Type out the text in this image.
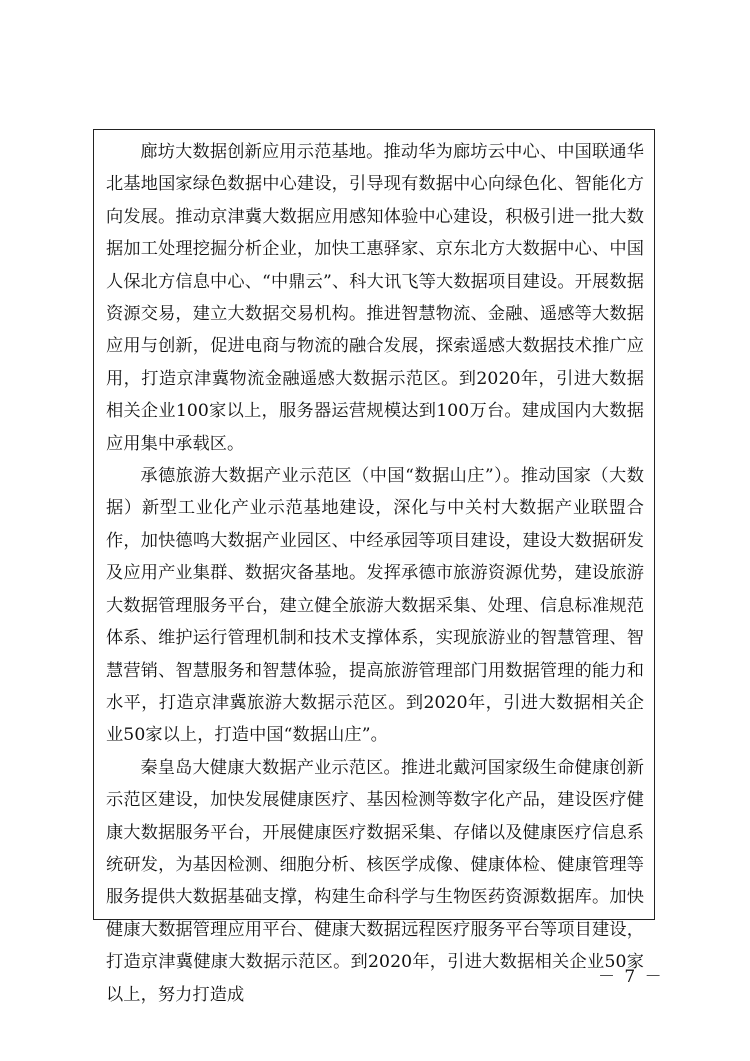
廊坊大数据创新应用示范基地。推动华为廊坊云中心、中国联通华北基地国家绿色数据中心建设，引导现有数据中心向绿色化、智能化方向发展。推动京津冀大数据应用感知体验中心建设，积极引进一批大数据加工处理挖掘分析企业，加快工惠驿家、京东北方大数据中心、中国人保北方信息中心、“中鼎云”、科大讯飞等大数据项目建设。开展数据资源交易，建立大数据交易机构。推进智慧物流、金融、遥感等大数据应用与创新，促进电商与物流的融合发展，探索遥感大数据技术推广应用，打造京津冀物流金融遥感大数据示范区。到2020年，引进大数据相关企业100家以上，服务器运营规模达到100万台。建成国内大数据应用集中承载区。

承德旅游大数据产业示范区（中国“数据山庄”）。推动国家（大数据）新型工业化产业示范基地建设，深化与中关村大数据产业联盟合作，加快德鸣大数据产业园区、中经承园等项目建设，建设大数据研发及应用产业集群、数据灾备基地。发挥承德市旅游资源优势，建设旅游大数据管理服务平台，建立健全旅游大数据采集、处理、信息标准规范体系、维护运行管理机制和技术支撑体系，实现旅游业的智慧管理、智慧营销、智慧服务和智慧体验，提高旅游管理部门用数据管理的能力和水平，打造京津冀旅游大数据示范区。到2020年，引进大数据相关企业50家以上，打造中国“数据山庄”。

秦皇岛大健康大数据产业示范区。推进北戴河国家级生命健康创新示范区建设，加快发展健康医疗、基因检测等数字化产品，建设医疗健康大数据服务平台，开展健康医疗数据采集、存储以及健康医疗信息系统研发，为基因检测、细胞分析、核医学成像、健康体检、健康管理等服务提供大数据基础支撑，构建生命科学与生物医药资源数据库。加快健康大数据管理应用平台、健康大数据远程医疗服务平台等项目建设，打造京津冀健康大数据示范区。到2020年，引进大数据相关企业50家以上，努力打造成

－ 7 －
